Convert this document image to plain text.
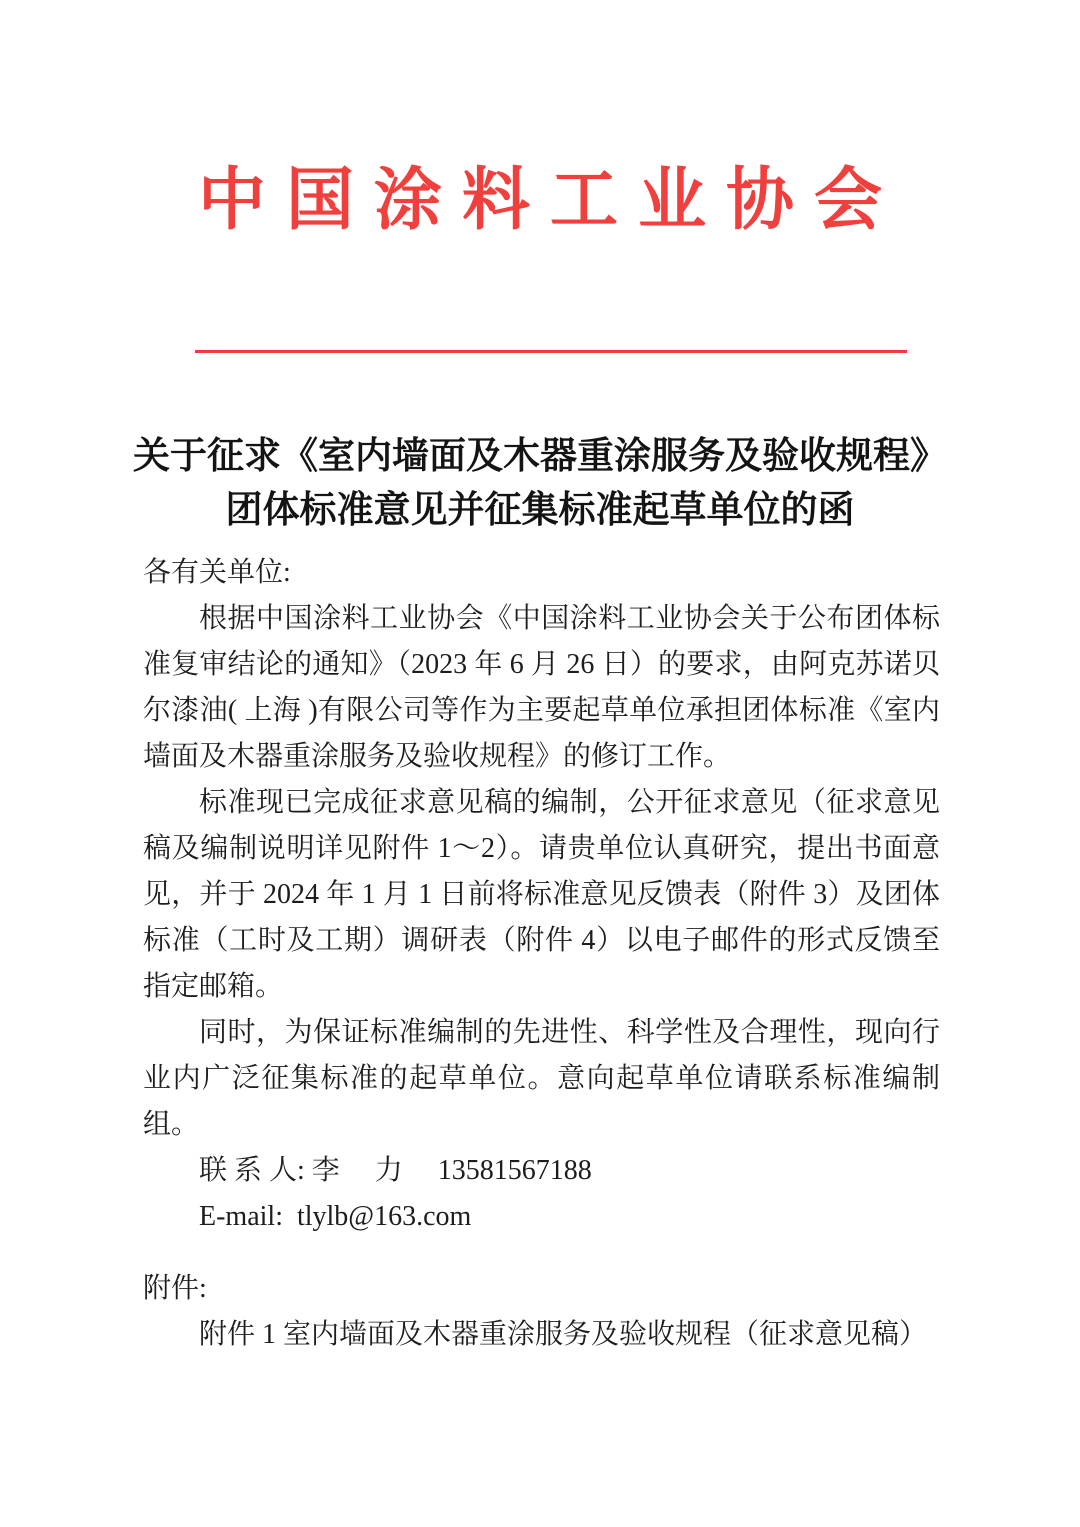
中国涂料工业协会
关于征求《室内墙面及木器重涂服务及验收规程》
团体标准意见并征集标准起草单位的函

各有关单位:

根据中国涂料工业协会《中国涂料工业协会关于公布团体标准复审结论的通知》（2023 年 6 月 26 日）的要求，由阿克苏诺贝尔漆油( 上海 )有限公司等作为主要起草单位承担团体标准《室内墙面及木器重涂服务及验收规程》的修订工作。

标准现已完成征求意见稿的编制，公开征求意见（征求意见稿及编制说明详见附件 1～2）。请贵单位认真研究，提出书面意见，并于 2024 年 1 月 1 日前将标准意见反馈表（附件 3）及团体标准（工时及工期）调研表（附件 4）以电子邮件的形式反馈至指定邮箱。

同时，为保证标准编制的先进性、科学性及合理性，现向行业内广泛征集标准的起草单位。意向起草单位请联系标准编制组。

联 系 人: 李　 力　 13581567188

E-mail:  tlylb@163.com

附件:

附件 1 室内墙面及木器重涂服务及验收规程（征求意见稿）
